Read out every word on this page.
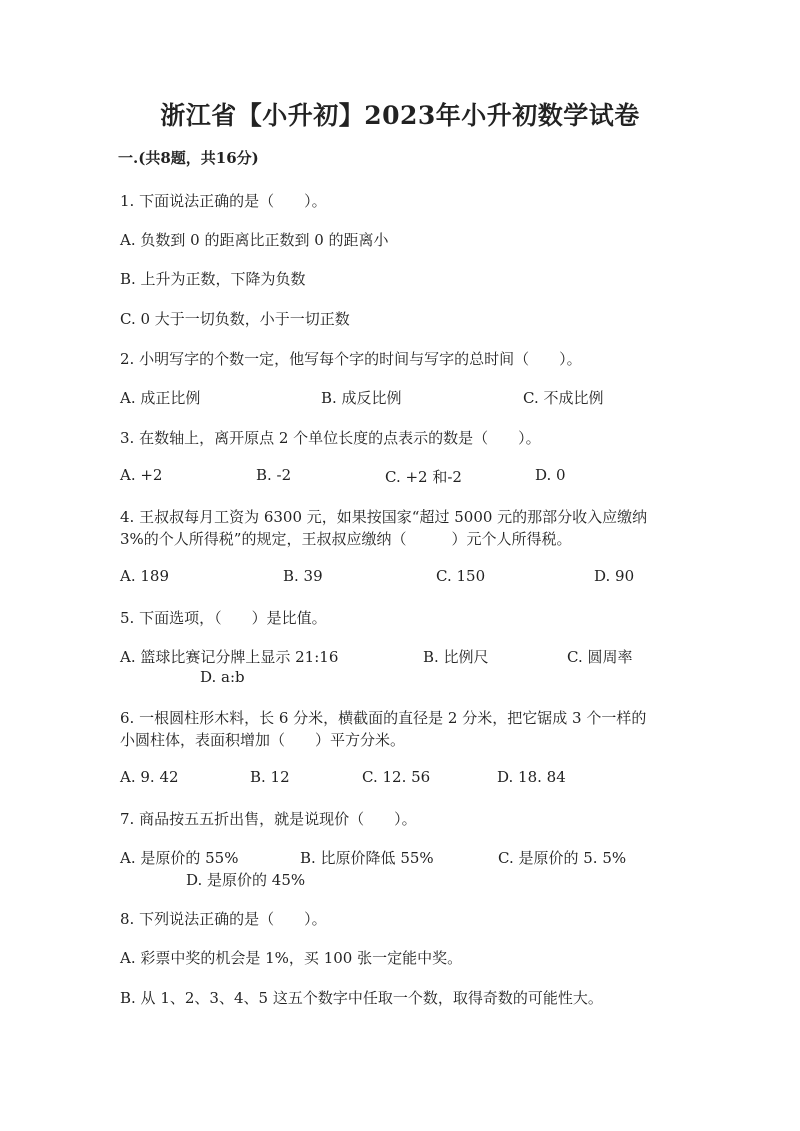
浙江省【小升初】2023年小升初数学试卷
一.(共8题，共16分)
1. 下面说法正确的是（　　）。
A. 负数到 0 的距离比正数到 0 的距离小
B. 上升为正数，下降为负数
C. 0 大于一切负数，小于一切正数
2. 小明写字的个数一定，他写每个字的时间与写字的总时间（　　）。
A. 成正比例	B. 成反比例	C. 不成比例
3. 在数轴上，离开原点 2 个单位长度的点表示的数是（　　）。
A. +2	B. -2	C. +2 和-2	D. 0
4. 王叔叔每月工资为 6300 元，如果按国家“超过 5000 元的那部分收入应缴纳
3%的个人所得税”的规定，王叔叔应缴纳（　　　）元个人所得税。
A. 189	B. 39	C. 150	D. 90
5. 下面选项，（　　）是比值。
A. 篮球比赛记分牌上显示 21:16	B. 比例尺	C. 圆周率
D. a:b
6. 一根圆柱形木料，长 6 分米，横截面的直径是 2 分米，把它锯成 3 个一样的
小圆柱体，表面积增加（　　）平方分米。
A. 9. 42	B. 12	C. 12. 56	D. 18. 84
7. 商品按五五折出售，就是说现价（　　）。
A. 是原价的 55%	B. 比原价降低 55%	C. 是原价的 5. 5%
D. 是原价的 45%
8. 下列说法正确的是（　　）。
A. 彩票中奖的机会是 1%，买 100 张一定能中奖。
B. 从 1、2、3、4、5 这五个数字中任取一个数，取得奇数的可能性大。
